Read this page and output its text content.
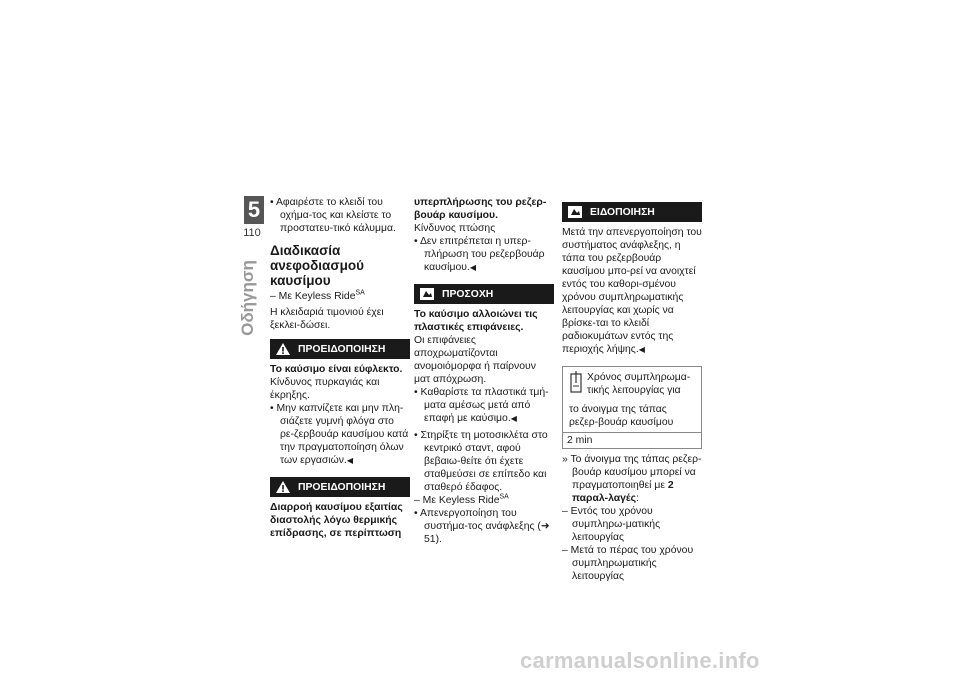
5
110
Οδήγηση

• Αφαιρέστε το κλειδί του οχήμα-τος και κλείστε το προστατευ-τικό κάλυμμα.

Διαδικασία ανεφοδιασμού καυσίμου

– Με Keyless Ride$^{SA}$

Η κλειδαριά τιμονιού έχει ξεκλει-δώσει.

ΠΡΟΕΙΔΟΠΟΙΗΣΗ

Το καύσιμο είναι εύφλεκτο.

Κίνδυνος πυρκαγιάς και έκρηξης.

• Μην καπνίζετε και μην πλη-σιάζετε γυμνή φλόγα στο ρε-ζερβουάρ καυσίμου κατά την πραγματοποίηση όλων των εργασιών.◀

ΠΡΟΕΙΔΟΠΟΙΗΣΗ

Διαρροή καυσίμου εξαιτίας διαστολής λόγω θερμικής επίδρασης, σε περίπτωση

υπερπλήρωσης του ρεζερ-βουάρ καυσίμου.

Κίνδυνος πτώσης

• Δεν επιτρέπεται η υπερ-πλήρωση του ρεζερβουάρ καυσίμου.◀

ΠΡΟΣΟΧΗ

Το καύσιμο αλλοιώνει τις πλαστικές επιφάνειες.

Οι επιφάνειες αποχρωματίζονται ανομοιόμορφα ή παίρνουν ματ απόχρωση.

• Καθαρίστε τα πλαστικά τμή-ματα αμέσως μετά από επαφή με καύσιμο.◀

• Στηρίξτε τη μοτοσικλέτα στο κεντρικό σταντ, αφού βεβαιω-θείτε ότι έχετε σταθμεύσει σε επίπεδο και σταθερό έδαφος.

– Με Keyless Ride$^{SA}$

• Απενεργοποίηση του συστήμα-τος ανάφλεξης (➜ 51).

ΕΙΔΟΠΟΙΗΣΗ

Μετά την απενεργοποίηση του συστήματος ανάφλεξης, η τάπα του ρεζερβουάρ καυσίμου μπο-ρεί να ανοιχτεί εντός του καθορι-σμένου χρόνου συμπληρωματικής λειτουργίας και χωρίς να βρίσκε-ται το κλειδί ραδιοκυμάτων εντός της περιοχής λήψης.◀

Χρόνος συμπληρωμα-τικής λειτουργίας για

το άνοιγμα της τάπας ρεζερ-βουάρ καυσίμου

2 min

» Το άνοιγμα της τάπας ρεζερ-βουάρ καυσίμου μπορεί να πραγματοποιηθεί με 2 παραλ-λαγές:

– Εντός του χρόνου συμπληρω-ματικής λειτουργίας

– Μετά το πέρας του χρόνου συμπληρωματικής λειτουργίας

carmanualsonline.info
